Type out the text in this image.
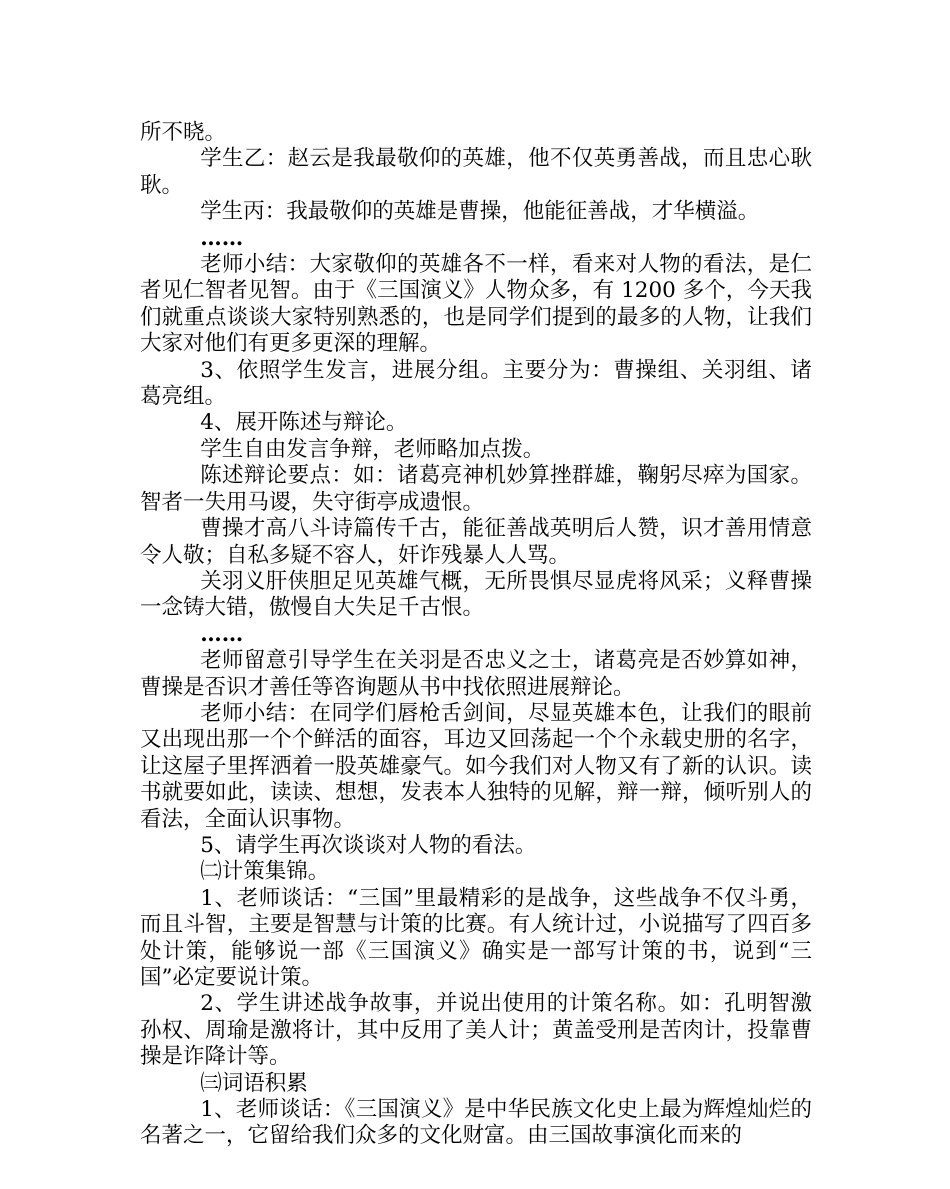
所不晓。

学生乙：赵云是我最敬仰的英雄，他不仅英勇善战，而且忠心耿耿。

学生丙：我最敬仰的英雄是曹操，他能征善战，才华横溢。

……

老师小结：大家敬仰的英雄各不一样，看来对人物的看法，是仁者见仁智者见智。由于《三国演义》人物众多，有 1200 多个，今天我们就重点谈谈大家特别熟悉的，也是同学们提到的最多的人物，让我们大家对他们有更多更深的理解。

3、依照学生发言，进展分组。主要分为：曹操组、关羽组、诸葛亮组。

4、展开陈述与辩论。

学生自由发言争辩，老师略加点拨。

陈述辩论要点：如：诸葛亮神机妙算挫群雄，鞠躬尽瘁为国家。智者一失用马谡，失守街亭成遗恨。

曹操才高八斗诗篇传千古，能征善战英明后人赞，识才善用情意令人敬；自私多疑不容人，奸诈残暴人人骂。

关羽义肝侠胆足见英雄气概，无所畏惧尽显虎将风采；义释曹操一念铸大错，傲慢自大失足千古恨。

……

老师留意引导学生在关羽是否忠义之士，诸葛亮是否妙算如神，曹操是否识才善任等咨询题从书中找依照进展辩论。

老师小结：在同学们唇枪舌剑间，尽显英雄本色，让我们的眼前又出现出那一个个鲜活的面容，耳边又回荡起一个个永载史册的名字，让这屋子里挥洒着一股英雄豪气。如今我们对人物又有了新的认识。读书就要如此，读读、想想，发表本人独特的见解，辩一辩，倾听别人的看法，全面认识事物。

5、请学生再次谈谈对人物的看法。

㈡计策集锦。

1、老师谈话：“三国”里最精彩的是战争，这些战争不仅斗勇，而且斗智，主要是智慧与计策的比赛。有人统计过，小说描写了四百多处计策，能够说一部《三国演义》确实是一部写计策的书，说到“三国”必定要说计策。

2、学生讲述战争故事，并说出使用的计策名称。如：孔明智激孙权、周瑜是激将计，其中反用了美人计；黄盖受刑是苦肉计，投靠曹操是诈降计等。

㈢词语积累

1、老师谈话：《三国演义》是中华民族文化史上最为辉煌灿烂的名著之一，它留给我们众多的文化财富。由三国故事演化而来的
